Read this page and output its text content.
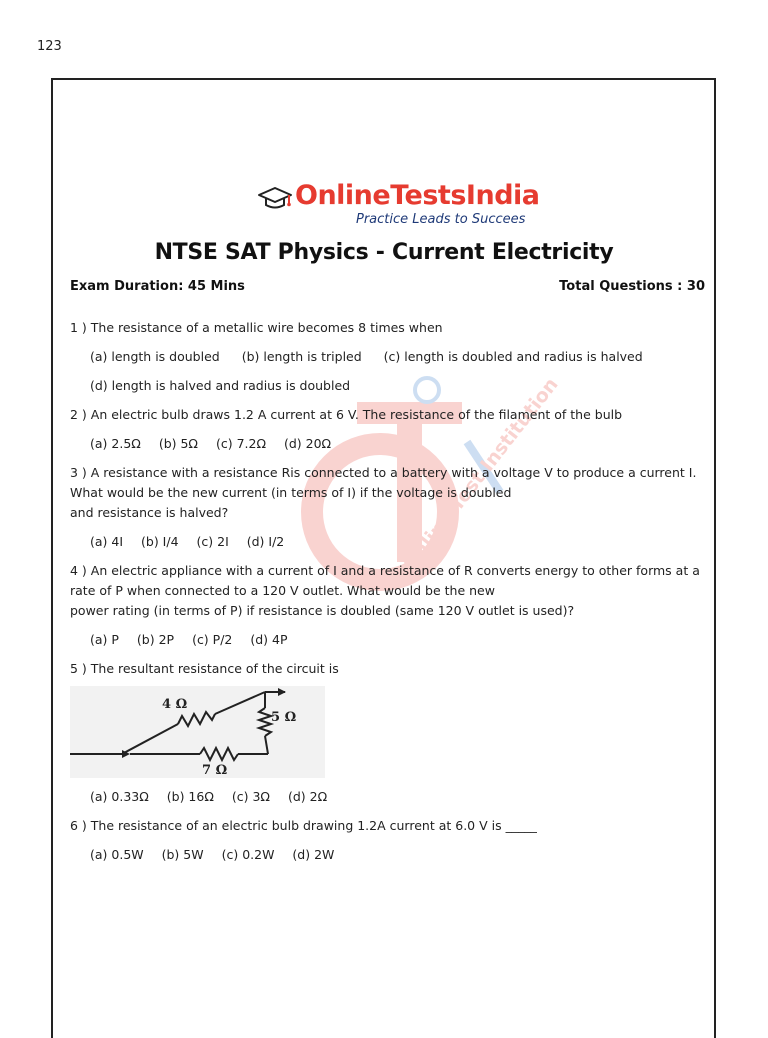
123
OnlineTestsIndia
Practice Leads to Succees
NTSE SAT Physics - Current Electricity
Exam Duration: 45 Mins	Total Questions : 30
Online Test Institution

1 ) The resistance of a metallic wire becomes 8 times when

(a) length is doubled (b) length is tripled (c) length is doubled and radius is halved
(d) length is halved and radius is doubled

2 ) An electric bulb draws 1.2 A current at 6 V. The resistance of the filament of the bulb

(a) 2.5Ω (b) 5Ω (c) 7.2Ω (d) 20Ω

3 ) A resistance with a resistance Ris connected to a battery with a voltage V to produce a current I.

What would be the new current (in terms of I) if the voltage is doubled

and resistance is halved?

(a) 4I (b) I/4 (c) 2I (d) I/2

4 ) An electric appliance with a current of I and a resistance of R converts energy to other forms at a

rate of P when connected to a 120 V outlet. What would be the new

power rating (in terms of P) if resistance is doubled (same 120 V outlet is used)?

(a) P (b) 2P (c) P/2 (d) 4P

5 ) The resultant resistance of the circuit is

4 Ω
5 Ω
7 Ω
(a) 0.33Ω (b) 16Ω (c) 3Ω (d) 2Ω

6 ) The resistance of an electric bulb drawing 1.2A current at 6.0 V is _____

(a) 0.5W (b) 5W (c) 0.2W (d) 2W
